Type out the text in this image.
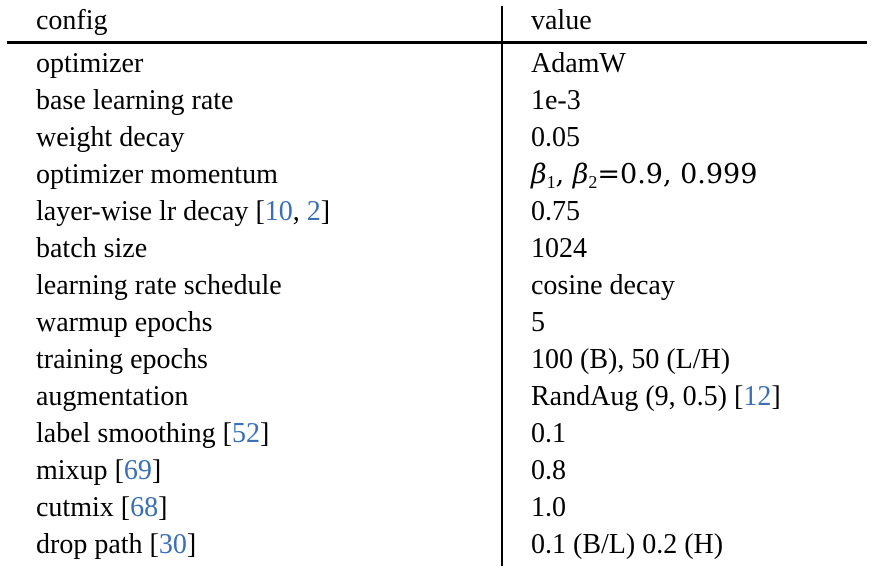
config	value
optimizer	AdamW
base learning rate	1e-3
weight decay	0.05
optimizer momentum	$\beta_1$, $\beta_2=0.9$, 0.999
layer-wise lr decay [10, 2]	0.75
batch size	1024
learning rate schedule	cosine decay
warmup epochs	5
training epochs	100 (B), 50 (L/H)
augmentation	RandAug (9, 0.5) [12]
label smoothing [52]	0.1
mixup [69]	0.8
cutmix [68]	1.0
drop path [30]	0.1 (B/L) 0.2 (H)
